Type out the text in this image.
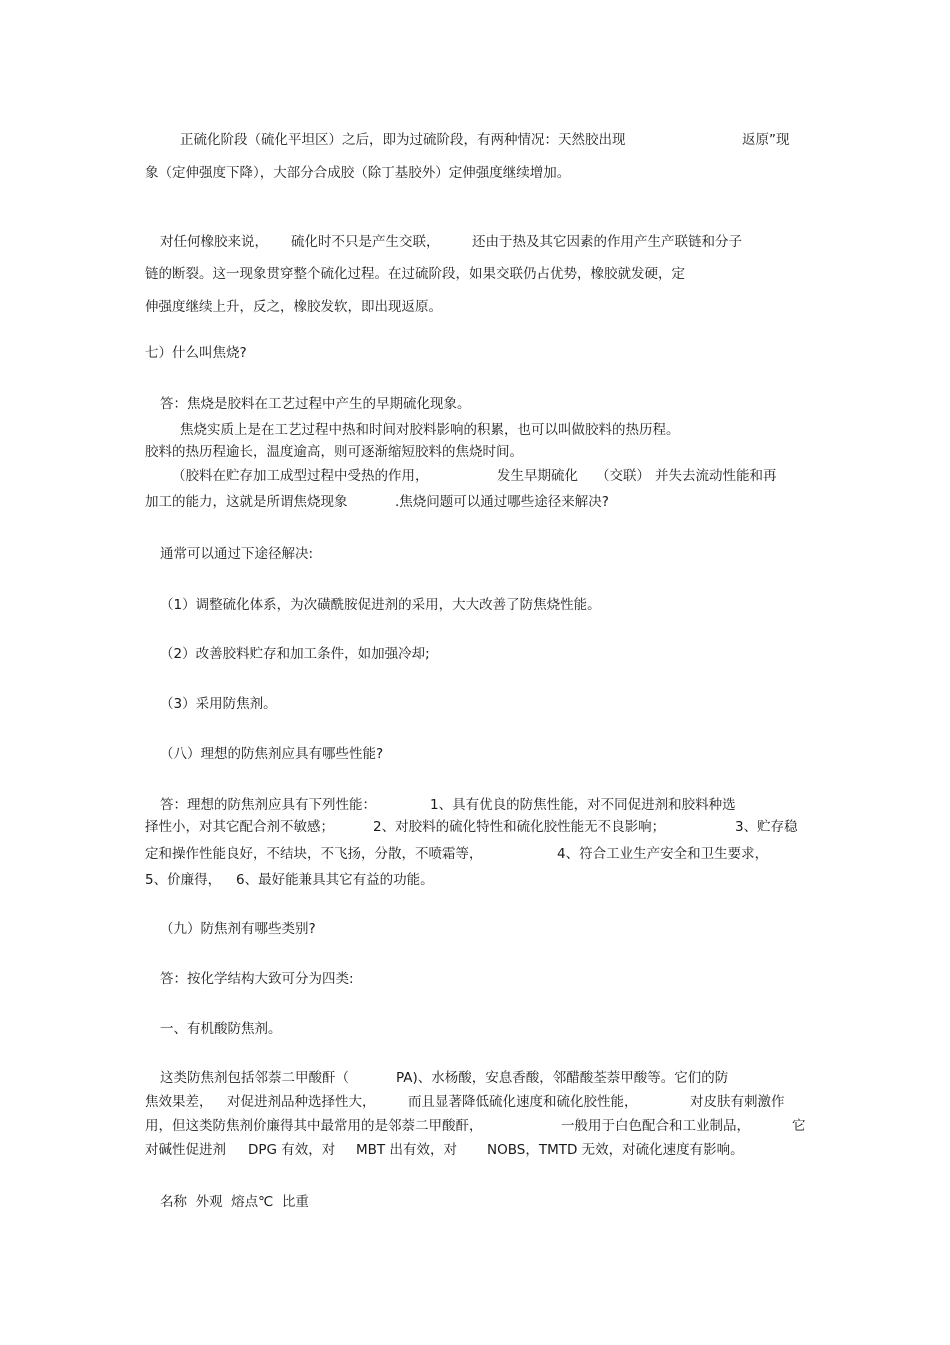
正硫化阶段（硫化平坦区）之后，即为过硫阶段，有两种情况：天然胶出现	返原”现
象（定伸强度下降），大部分合成胶（除丁基胶外）定伸强度继续增加。
对任何橡胶来说， 硫化时不只是产生交联， 还由于热及其它因素的作用产生产联链和分子
链的断裂。这一现象贯穿整个硫化过程。在过硫阶段，如果交联仍占优势，橡胶就发硬，定
伸强度继续上升，反之，橡胶发软，即出现返原。
七）什么叫焦烧?
答：焦烧是胶料在工艺过程中产生的早期硫化现象。
焦烧实质上是在工艺过程中热和时间对胶料影响的积累，也可以叫做胶料的热历程。
胶料的热历程逾长，温度逾高，则可逐渐缩短胶料的焦烧时间。
（胶料在贮存加工成型过程中受热的作用，	发生早期硫化 （交联） 并失去流动性能和再
加工的能力，这就是所谓焦烧现象	.焦烧问题可以通过哪些途径来解决?
通常可以通过下途径解决:
（1）调整硫化体系，为次磺酰胺促进剂的采用，大大改善了防焦烧性能。
（2）改善胶料贮存和加工条件，如加强冷却;
（3）采用防焦剂。
（八）理想的防焦剂应具有哪些性能?
答：理想的防焦剂应具有下列性能：	1、具有优良的防焦性能，对不同促进剂和胶料种选
择性小，对其它配合剂不敏感；	2、对胶料的硫化特性和硫化胶性能无不良影响；	3、贮存稳
定和操作性能良好，不结块，不飞扬，分散，不喷霜等，	4、符合工业生产安全和卫生要求，
5、价廉得， 6、最好能兼具其它有益的功能。
（九）防焦剂有哪些类别?
答：按化学结构大致可分为四类:
一、有机酸防焦剂。
这类防焦剂包括邻萘二甲酸酐（	PA)、水杨酸，安息香酸，邻醋酸荃萘甲酸等。它们的防
焦效果差， 对促进剂品种选择性大， 而且显著降低硫化速度和硫化胶性能，	对皮肤有刺激作
用，但这类防焦剂价廉得其中最常用的是邻萘二甲酸酐，	一般用于白色配合和工业制品，	它
对碱性促进剂 DPG 有效，对 MBT 出有效，对 NOBS，TMTD 无效，对硫化速度有影响。
名称  外观  熔点℃  比重
